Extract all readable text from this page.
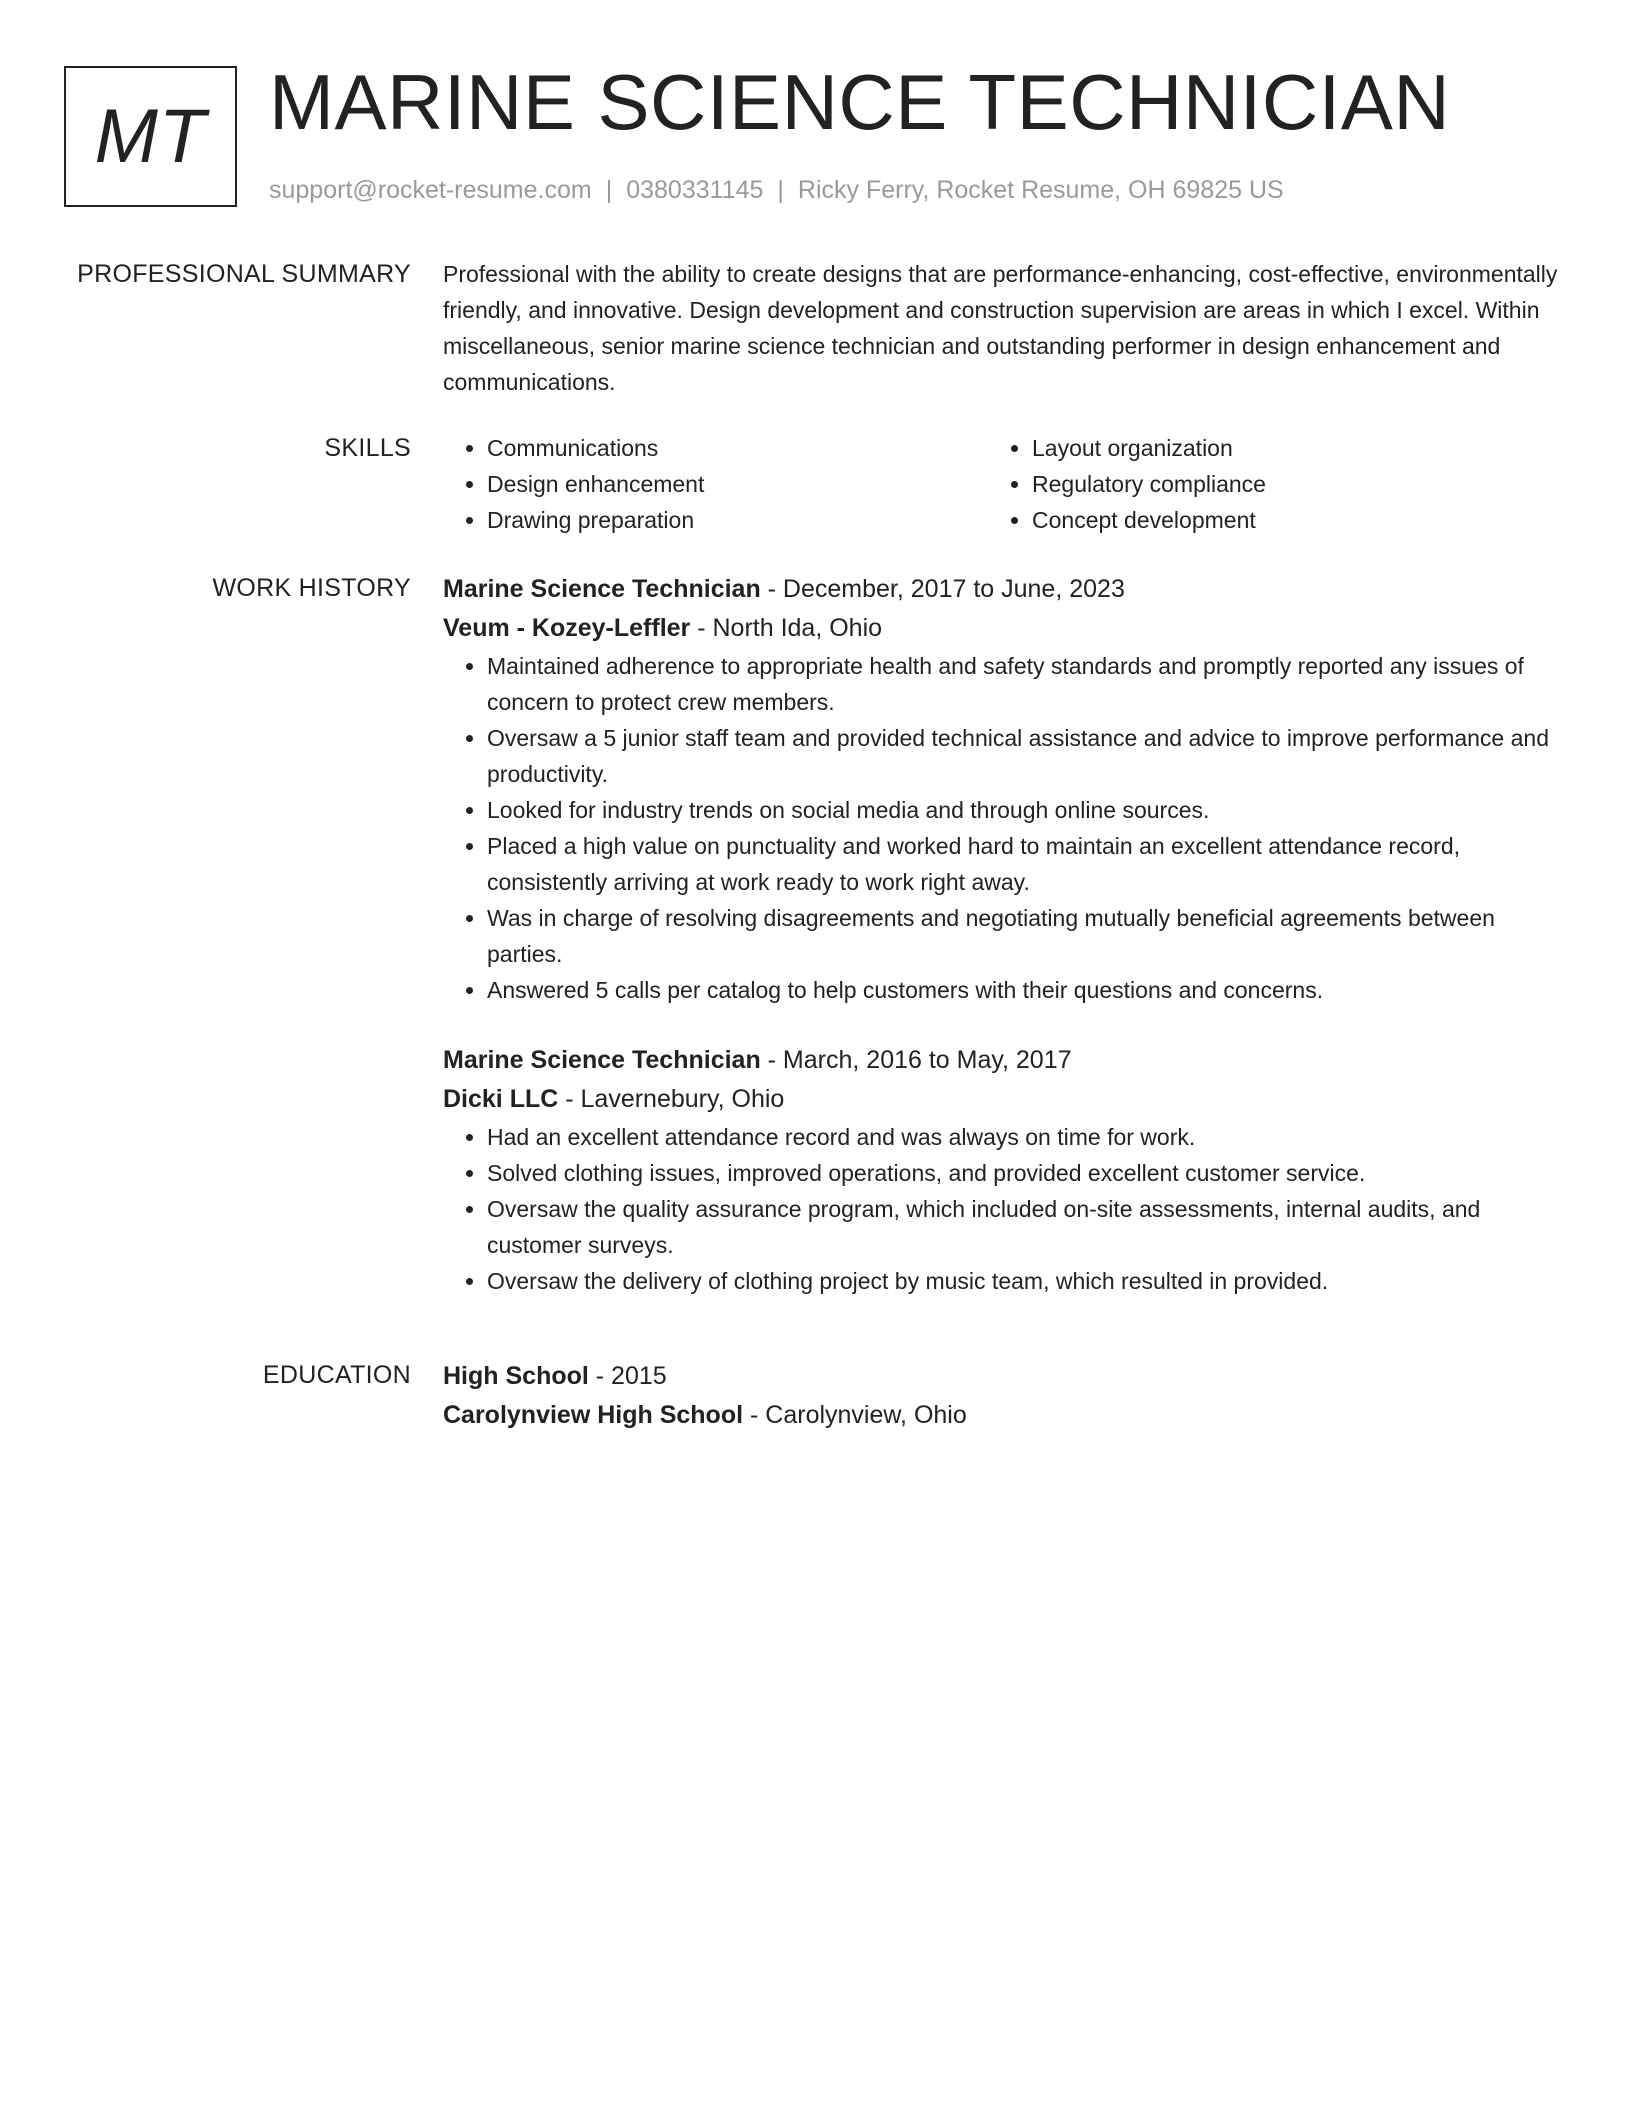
MT MARINE SCIENCE TECHNICIAN
support@rocket-resume.com | 0380331145 | Ricky Ferry, Rocket Resume, OH 69825 US
PROFESSIONAL SUMMARY Professional with the ability to create designs that are performance-enhancing, cost-effective, environmentally friendly, and innovative. Design development and construction supervision are areas in which I excel. Within miscellaneous, senior marine science technician and outstanding performer in design enhancement and communications.

SKILLS
•	Communications
• Design enhancement
• Drawing preparation
• Layout organization
• Regulatory compliance
• Concept development
WORK HISTORY Marine Science Technician - December, 2017 to June, 2023
Veum - Kozey-Leffler - North Ida, Ohio
• Maintained adherence to appropriate health and safety standards and promptly reported any issues of concern to protect crew members.
• Oversaw a 5 junior staff team and provided technical assistance and advice to improve performance and productivity.
• Looked for industry trends on social media and through online sources.
• Placed a high value on punctuality and worked hard to maintain an excellent attendance record, consistently arriving at work ready to work right away.
• Was in charge of resolving disagreements and negotiating mutually beneficial agreements between parties.
• Answered 5 calls per catalog to help customers with their questions and concerns.
Marine Science Technician - March, 2016 to May, 2017
Dicki LLC - Lavernebury, Ohio
• Had an excellent attendance record and was always on time for work.
• Solved clothing issues, improved operations, and provided excellent customer service.
• Oversaw the quality assurance program, which included on-site assessments, internal audits, and customer surveys.
• Oversaw the delivery of clothing project by music team, which resulted in provided.
EDUCATION High School - 2015
Carolynview High School - Carolynview, Ohio
